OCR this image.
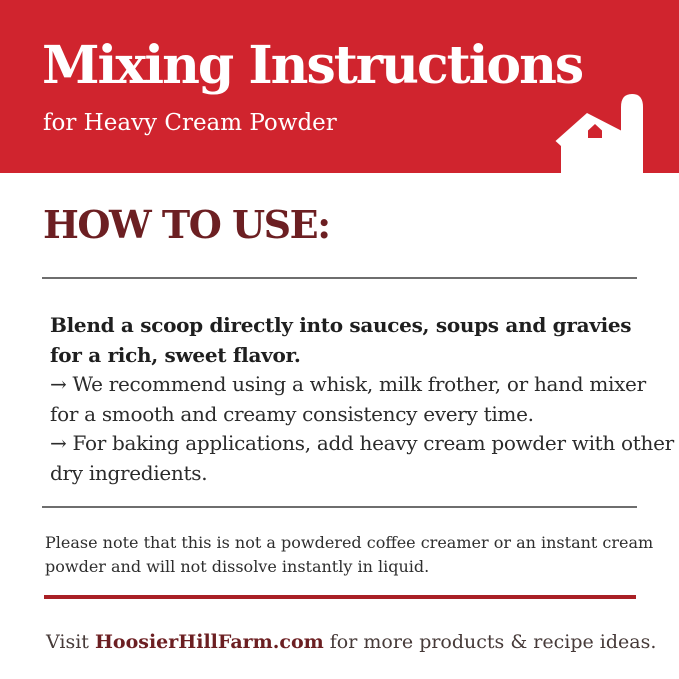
Mixing Instructions
for Heavy Cream Powder
HOW TO USE:
Blend a scoop directly into sauces, soups and gravies
for a rich, sweet flavor.
→ We recommend using a whisk, milk frother, or hand mixer
for a smooth and creamy consistency every time.
→ For baking applications, add heavy cream powder with other
dry ingredients.
Please note that this is not a powdered coffee creamer or an instant cream
powder and will not dissolve instantly in liquid.
Visit HoosierHillFarm.com for more products & recipe ideas.
